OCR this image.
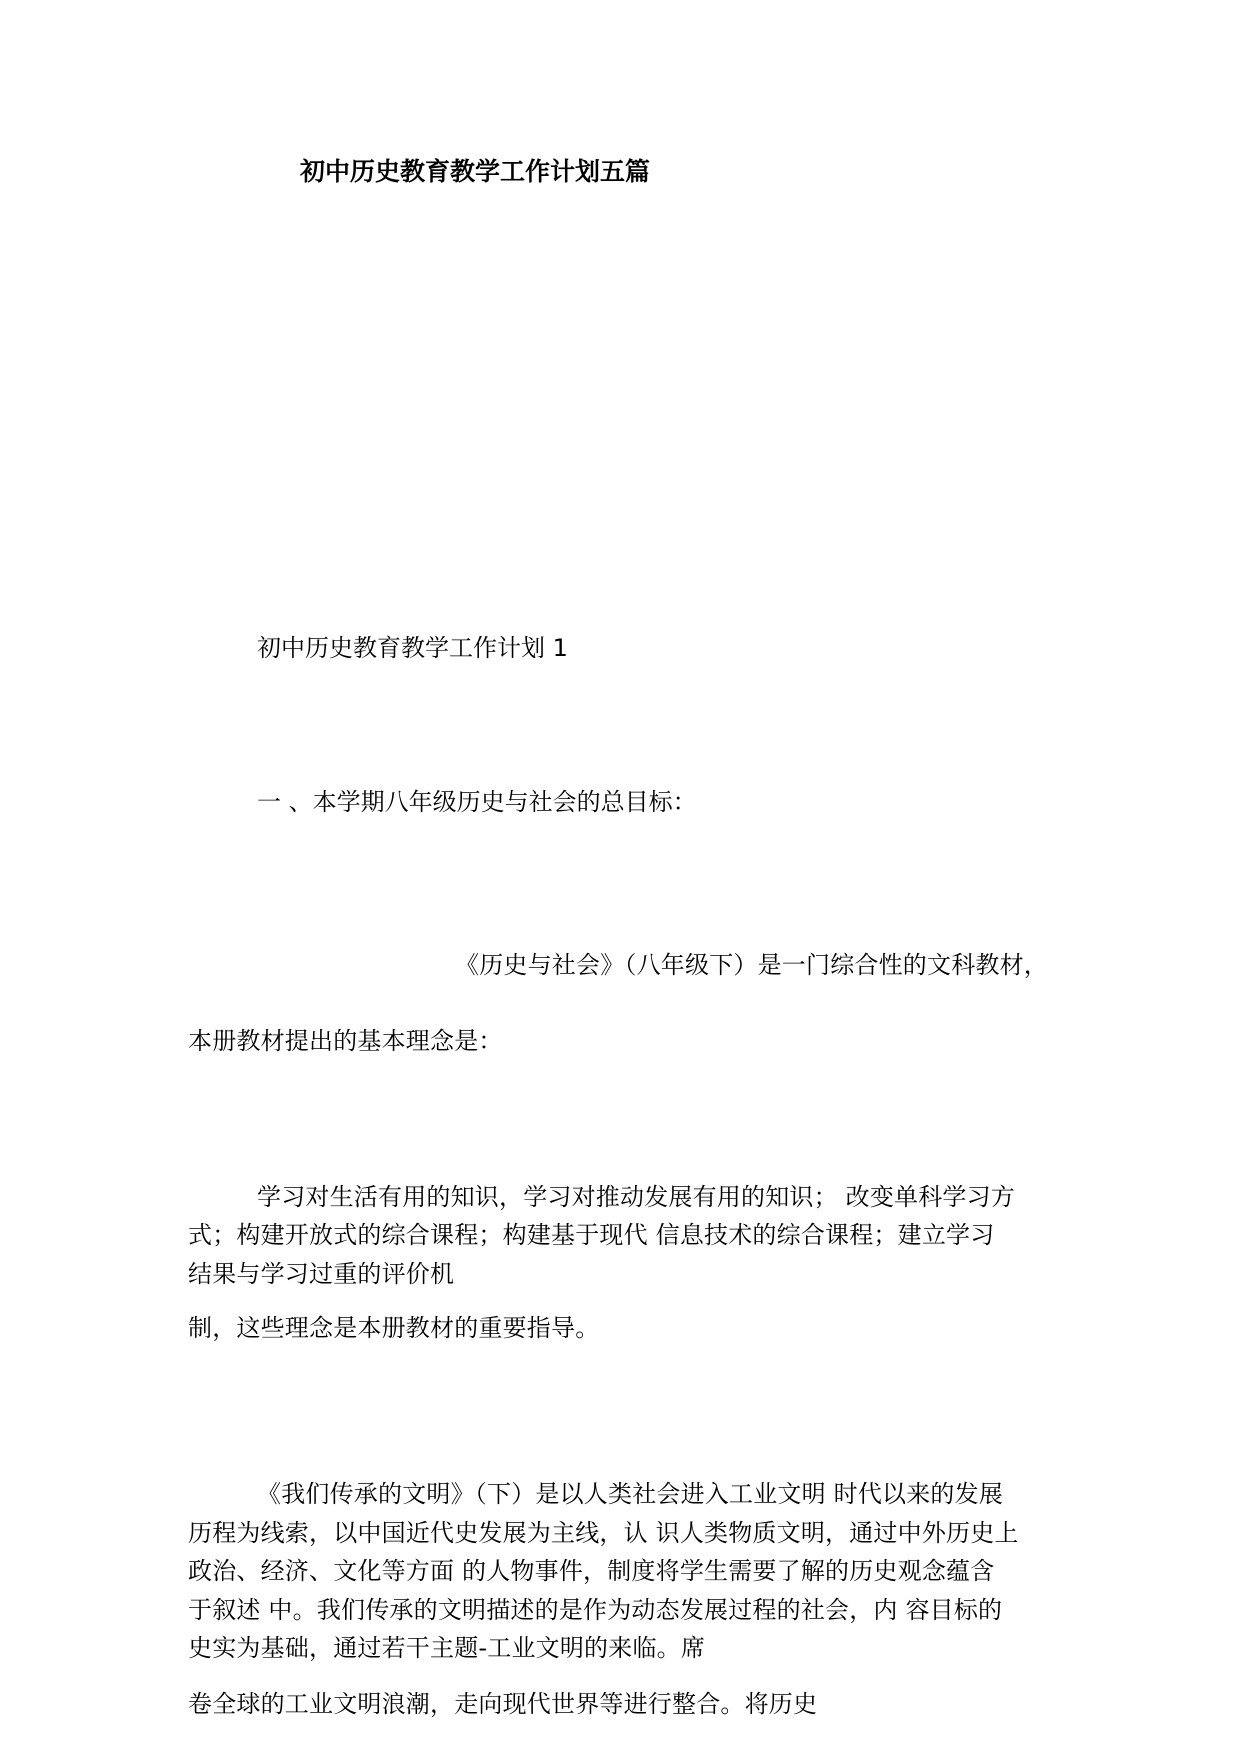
初中历史教育教学工作计划五篇
初中历史教育教学工作计划 1
一 、本学期八年级历史与社会的总目标：
《历史与社会》（八年级下）是一门综合性的文科教材，
本册教材提出的基本理念是：
学习对生活有用的知识，学习对推动发展有用的知识； 改变单科学习方
式；构建开放式的综合课程；构建基于现代 信息技术的综合课程；建立学习
结果与学习过重的评价机
制，这些理念是本册教材的重要指导。
《我们传承的文明》（下）是以人类社会进入工业文明 时代以来的发展
历程为线索，以中国近代史发展为主线，认 识人类物质文明，通过中外历史上
政治、经济、文化等方面 的人物事件，制度将学生需要了解的历史观念蕴含
于叙述 中。我们传承的文明描述的是作为动态发展过程的社会，内 容目标的
史实为基础，通过若干主题-工业文明的来临。席
卷全球的工业文明浪潮，走向现代世界等进行整合。将历史
